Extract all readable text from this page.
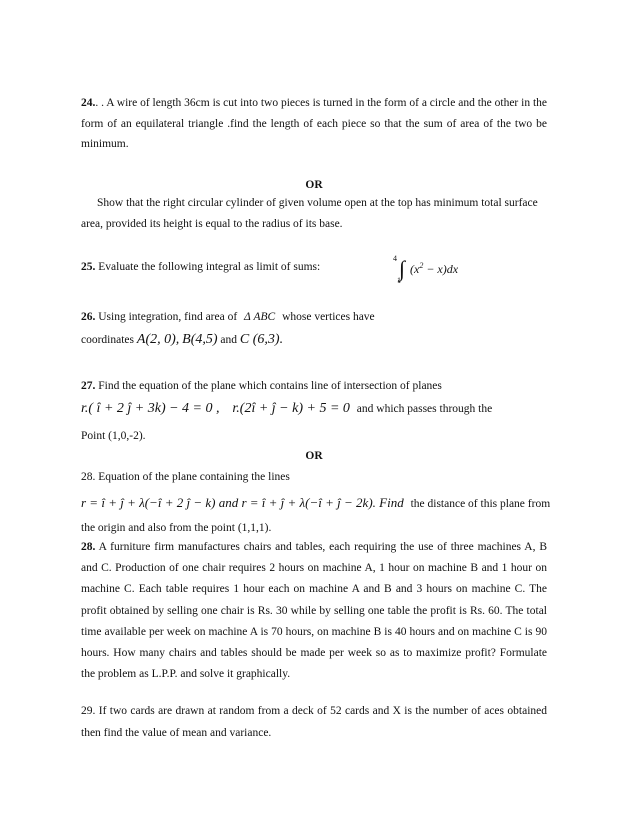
24.. . A wire of length 36cm is cut into two pieces is turned in the form of a circle and the other in the form of an equilateral triangle .find the length of each piece so that the sum of area of the two be minimum.
OR
Show that the right circular cylinder of given volume open at the top has minimum total surface area, provided its height is equal to the radius of its base.
25. Evaluate the following integral as limit of sums:
4 ∫
1
$(x^2 - x)dx$
26. Using integration, find area of Δ ABC whose vertices have
coordinates A(2, 0), B(4,5) and C (6,3).
27. Find the equation of the plane which contains line of intersection of planes
r.( î + 2 ĵ + 3k) − 4 = 0 , r.(2î + ĵ − k) + 5 = 0 and which passes through the
Point (1,0,-2).
OR
28. Equation of the plane containing the lines
r = î + ĵ + λ(−î + 2 ĵ − k) and r = î + ĵ + λ(−î + ĵ − 2k). Find the distance of this plane from
the origin and also from the point (1,1,1).
28. A furniture firm manufactures chairs and tables, each requiring the use of three machines A, B and C. Production of one chair requires 2 hours on machine A, 1 hour on machine B and 1 hour on machine C. Each table requires 1 hour each on machine A and B and 3 hours on machine C. The profit obtained by selling one chair is Rs. 30 while by selling one table the profit is Rs. 60. The total time available per week on machine A is 70 hours, on machine B is 40 hours and on machine C is 90 hours. How many chairs and tables should be made per week so as to maximize profit? Formulate the problem as L.P.P. and solve it graphically.
29. If two cards are drawn at random from a deck of 52 cards and X is the number of aces obtained then find the value of mean and variance.
